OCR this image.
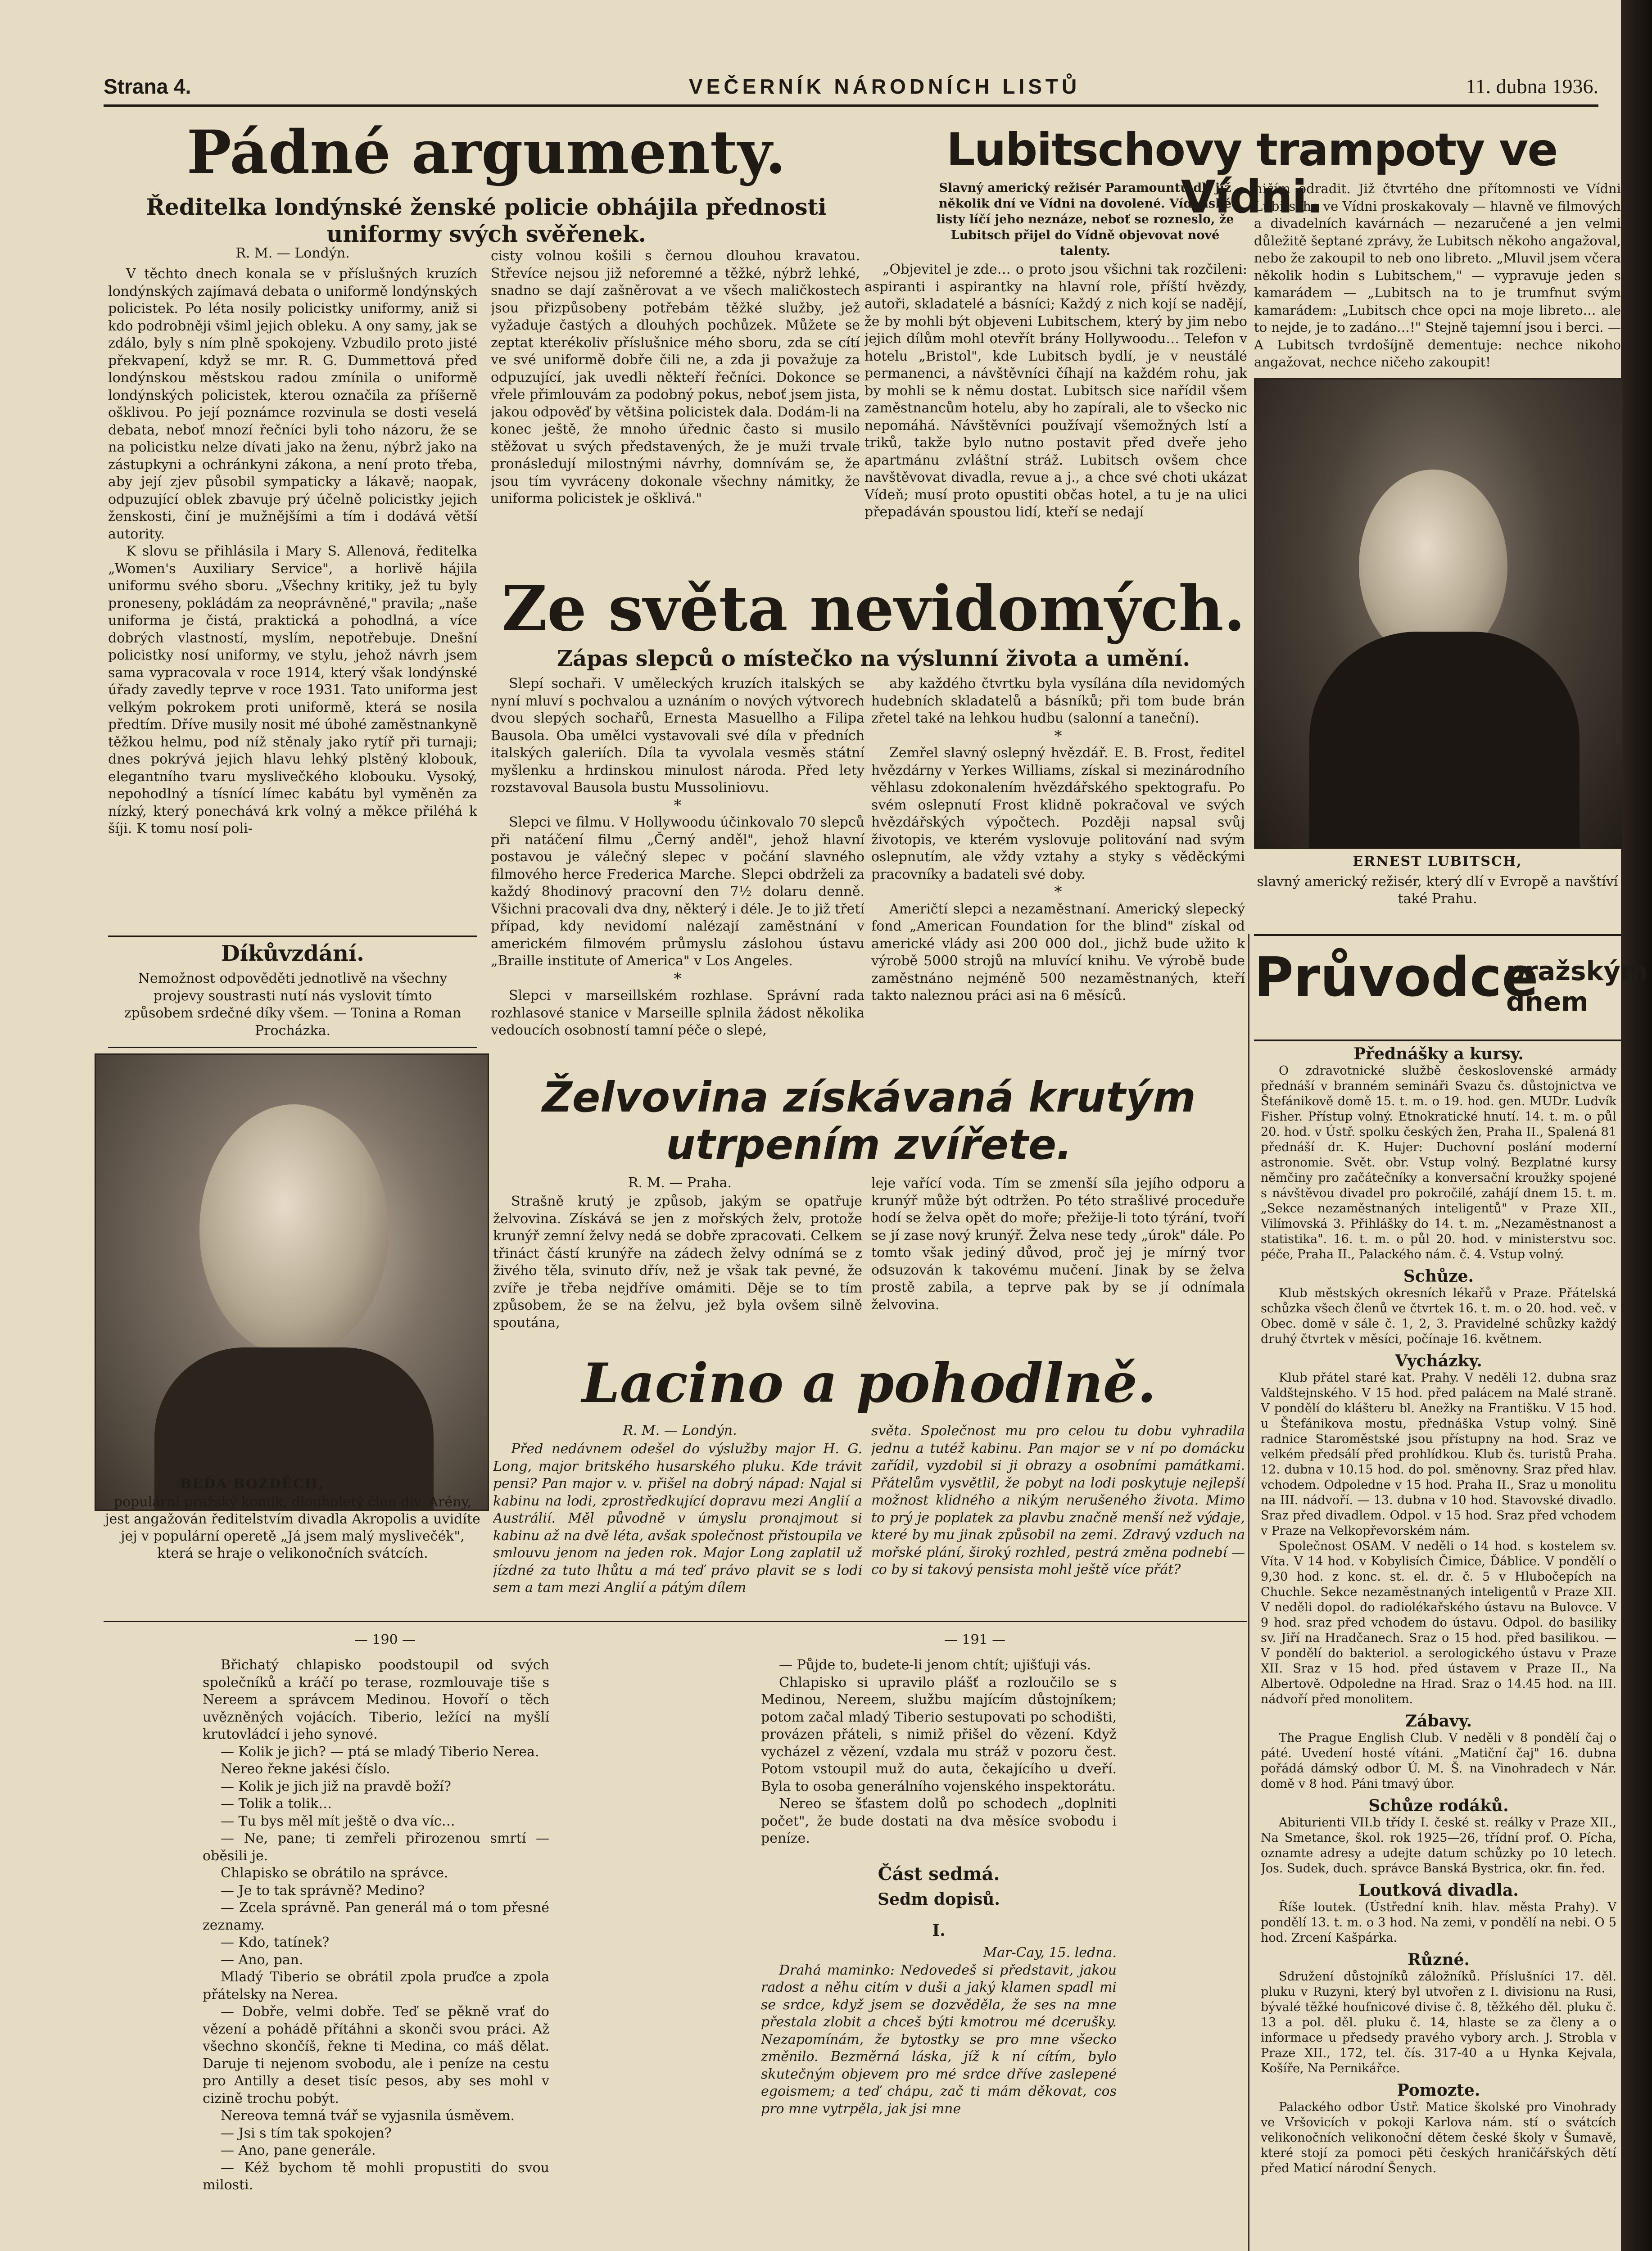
Strana 4.	VEČERNÍK NÁRODNÍCH LISTŮ	11. dubna 1936.
Pádné argumenty.
Ředitelka londýnské ženské policie obhájila přednosti uniformy svých svěřenek.
R. M. — Londýn.

V těchto dnech konala se v příslušných kruzích londýnských zajímavá debata o uniformě londýnských policistek. Po léta nosily policistky uniformy, aniž si kdo podrobněji všiml jejich obleku. A ony samy, jak se zdálo, byly s ním plně spokojeny. Vzbudilo proto jisté překvapení, když se mr. R. G. Dummettová před londýnskou městskou radou zmínila o uniformě londýnských policistek, kterou označila za příšerně ošklivou. Po její poznámce rozvinula se dosti veselá debata, neboť mnozí řečníci byli toho názoru, že se na policistku nelze dívati jako na ženu, nýbrž jako na zástupkyni a ochránkyni zákona, a není proto třeba, aby její zjev působil sympaticky a lákavě; naopak, odpuzující oblek zbavuje prý účelně policistky jejich ženskosti, činí je mužnějšími a tím i dodává větší autority.

K slovu se přihlásila i Mary S. Allenová, ředitelka „Women's Auxiliary Service", a horlivě hájila uniformu svého sboru. „Všechny kritiky, jež tu byly proneseny, pokládám za neoprávněné," pravila; „naše uniforma je čistá, praktická a pohodlná, a více dobrých vlastností, myslím, nepotřebuje. Dnešní policistky nosí uniformy, ve stylu, jehož návrh jsem sama vypracovala v roce 1914, který však londýnské úřady zavedly teprve v roce 1931. Tato uniforma jest velkým pokrokem proti uniformě, která se nosila předtím. Dříve musily nosit mé úbohé zaměstnankyně těžkou helmu, pod níž stěnaly jako rytíř při turnaji; dnes pokrývá jejich hlavu lehký plstěný klobouk, elegantního tvaru myslivečkého klobouku. Vysoký, nepohodlný a tísnící límec kabátu byl vyměněn za nízký, který ponechává krk volný a měkce přiléhá k šíji. K tomu nosí poli-

cisty volnou košili s černou dlouhou kravatou. Střevíce nejsou již neforemné a těžké, nýbrž lehké, snadno se dají zašněrovat a ve všech maličkostech jsou přizpůsobeny potřebám těžké služby, jež vyžaduje častých a dlouhých pochůzek. Můžete se zeptat kterékoliv příslušnice mého sboru, zda se cítí ve své uniformě dobře čili ne, a zda ji považuje za odpuzující, jak uvedli někteří řečníci. Dokonce se vřele přimlouvám za podobný pokus, neboť jsem jista, jakou odpověď by většina policistek dala. Dodám-li na konec ještě, že mnoho úřednic často si musilo stěžovat u svých představených, že je muži trvale pronásledují milostnými návrhy, domnívám se, že jsou tím vyvráceny dokonale všechny námitky, že uniforma policistek je ošklivá."

Díkůvzdání.

Nemožnost odpověděti jednotlivě na všechny projevy soustrasti nutí nás vyslovit tímto způsobem srdečné díky všem. — Tonina a Roman Procházka.

BEĎA BOZDĚCH,
populární pražský komik, dlouholetý člen div. Arény, jest angažován ředitelstvím divadla Akropolis a uvidíte jej v populární operetě „Já jsem malý myslivečék", která se hraje o velikonočních svátcích.
Lubitschovy trampoty ve Vídni.

Slavný americký režisér Paramountu dlí již několik dní ve Vídni na dovolené. Vídeňské listy líčí jeho neznáze, neboť se rozneslo, že Lubitsch přijel do Vídně objevovat nové talenty.

„Objevitel je zde… o proto jsou všichni tak rozčileni: aspiranti i aspirantky na hlavní role, příští hvězdy, autoři, skladatelé a básníci; Každý z nich kojí se nadějí, že by mohli být objeveni Lubitschem, který by jim nebo jejich dílům mohl otevřít brány Hollywoodu… Telefon v hotelu „Bristol", kde Lubitsch bydlí, je v neustálé permanenci, a návštěvníci číhají na každém rohu, jak by mohli se k němu dostat. Lubitsch sice nařídil všem zaměstnancům hotelu, aby ho zapírali, ale to všecko nic nepomáhá. Návštěvníci používají všemožných lstí a triků, takže bylo nutno postavit před dveře jeho apartmánu zvláštní stráž. Lubitsch ovšem chce navštěvovat divadla, revue a j., a chce své choti ukázat Vídeň; musí proto opustiti občas hotel, a tu je na ulici přepadáván spoustou lidí, kteří se nedají

ničím odradit. Již čtvrtého dne přítomnosti ve Vídni Lubitsche ve Vídni proskakovaly — hlavně ve filmových a divadelních kavárnách — nezaručené a jen velmi důležitě šeptané zprávy, že Lubitsch někoho angažoval, nebo že zakoupil to neb ono libreto. „Mluvil jsem včera několik hodin s Lubitschem," — vypravuje jeden s kamarádem — „Lubitsch na to je trumfnut svým kamarádem: „Lubitsch chce opci na moje libreto… ale to nejde, je to zadáno…!" Stejně tajemní jsou i berci. — A Lubitsch tvrdošíjně dementuje: nechce nikoho angažovat, nechce ničeho zakoupit!

ERNEST LUBITSCH,
slavný americký režisér, který dlí v Evropě a navštíví také Prahu.
Ze světa nevidomých.
Zápas slepců o místečko na výslunní života a umění.

Slepí sochaři. V uměleckých kruzích italských se nyní mluví s pochvalou a uznáním o nových výtvorech dvou slepých sochařů, Ernesta Masuellho a Filipa Bausola. Oba umělci vystavovali své díla v předních italských galeriích. Díla ta vyvolala vesměs státní myšlenku a hrdinskou minulost národa. Před lety rozstavoval Bausola bustu Mussoliniovu.

*

Slepci ve filmu. V Hollywoodu účinkovalo 70 slepců při natáčení filmu „Černý anděl", jehož hlavní postavou je válečný slepec v počání slavného filmového herce Frederica Marche. Slepci obdrželi za každý 8hodinový pracovní den 7½ dolaru denně. Všichni pracovali dva dny, některý i déle. Je to již třetí případ, kdy nevidomí nalézají zaměstnání v americkém filmovém průmyslu záslohou ústavu „Braille institute of America" v Los Angeles.

*

Slepci v marseillském rozhlase. Správní rada rozhlasové stanice v Marseille splnila žádost několika vedoucích osobností tamní péče o slepé,

aby každého čtvrtku byla vysílána díla nevidomých hudebních skladatelů a básníků; při tom bude brán zřetel také na lehkou hudbu (salonní a taneční).

*

Zemřel slavný oslepný hvězdář. E. B. Frost, ředitel hvězdárny v Yerkes Williams, získal si mezinárodního věhlasu zdokonalením hvězdářského spektografu. Po svém oslepnutí Frost klidně pokračoval ve svých hvězdářských výpočtech. Později napsal svůj životopis, ve kterém vyslovuje politování nad svým oslepnutím, ale vždy vztahy a styky s věděckými pracovníky a badateli své doby.

*

Američtí slepci a nezaměstnaní. Americký slepecký fond „American Foundation for the blind" získal od americké vlády asi 200 000 dol., jichž bude užito k výrobě 5000 strojů na mluvící knihu. Ve výrobě bude zaměstnáno nejméně 500 nezaměstnaných, kteří takto naleznou práci asi na 6 měsíců.	Průvodce
pražským
dnem
Přednášky a kursy.

O zdravotnické službě československé armády přednáší v branném semináři Svazu čs. důstojnictva ve Štefánikově domě 15. t. m. o 19. hod. gen. MUDr. Ludvík Fisher. Přístup volný. Etnokratické hnutí. 14. t. m. o půl 20. hod. v Ústř. spolku českých žen, Praha II., Spalená 81 přednáší dr. K. Hujer: Duchovní poslání moderní astronomie. Svět. obr. Vstup volný. Bezplatné kursy němčiny pro začátečníky a konversační kroužky spojené s návštěvou divadel pro pokročilé, zahájí dnem 15. t. m. „Sekce nezaměstnaných inteligentů" v Praze XII., Vilímovská 3. Přihlášky do 14. t. m. „Nezaměstnanost a statistika". 16. t. m. o půl 20. hod. v ministerstvu soc. péče, Praha II., Palackého nám. č. 4. Vstup volný.

Schůze.

Klub městských okresních lékařů v Praze. Přátelská schůzka všech členů ve čtvrtek 16. t. m. o 20. hod. več. v Obec. domě v sále č. 1, 2, 3. Pravidelné schůzky každý druhý čtvrtek v měsíci, počínaje 16. květnem.

Vycházky.

Klub přátel staré kat. Prahy. V neděli 12. dubna sraz Valdštejnského. V 15 hod. před palácem na Malé straně. V pondělí do klášteru bl. Anežky na Františku. V 15 hod. u Štefánikova mostu, přednáška Vstup volný. Sině radnice Staroměstské jsou přístupny na hod. Sraz ve velkém předsálí před prohlídkou. Klub čs. turistů Praha. 12. dubna v 10.15 hod. do pol. směnovny. Sraz před hlav. vchodem. Odpoledne v 15 hod. Praha II., Sraz u monolitu na III. nádvoří. — 13. dubna v 10 hod. Stavovské divadlo. Sraz před divadlem. Odpol. v 15 hod. Sraz před vchodem v Praze na Velkopřevorském nám.

Společnost OSAM. V neděli o 14 hod. s kostelem sv. Víta. V 14 hod. v Kobylisích Čimice, Ďáblice. V pondělí o 9,30 hod. z konc. st. el. dr. č. 5 v Hlubočepích na Chuchle. Sekce nezaměstnaných inteligentů v Praze XII. V neděli dopol. do radiolékařského ústavu na Bulovce. V 9 hod. sraz před vchodem do ústavu. Odpol. do basiliky sv. Jiří na Hradčanech. Sraz o 15 hod. před basilikou. — V pondělí do bakteriol. a serologického ústavu v Praze XII. Sraz v 15 hod. před ústavem v Praze II., Na Albertově. Odpoledne na Hrad. Sraz o 14.45 hod. na III. nádvoří před monolitem.

Zábavy.

The Prague English Club. V neděli v 8 pondělí čaj o páté. Uvedení hosté vítáni. „Matiční čaj" 16. dubna pořádá dámský odbor Ú. M. Š. na Vinohradech v Nár. domě v 8 hod. Páni tmavý úbor.

Schůze rodáků.

Abiturienti VII.b třídy I. české st. reálky v Praze XII., Na Smetance, škol. rok 1925—26, třídní prof. O. Pícha, oznamte adresy a udejte datum schůzky po 10 letech. Jos. Sudek, duch. správce Banská Bystrica, okr. fin. řed.

Loutková divadla.

Říše loutek. (Ústřední knih. hlav. města Prahy). V pondělí 13. t. m. o 3 hod. Na zemi, v pondělí na nebi. O 5 hod. Zrcení Kašpárka.

Různé.

Sdružení důstojníků záložníků. Příslušníci 17. děl. pluku v Ruzyni, který byl utvořen z I. divisionu na Rusi, bývalé těžké houfnicové divise č. 8, těžkého děl. pluku č. 13 a pol. děl. pluku č. 14, hlaste se za členy a o informace u předsedy pravého vybory arch. J. Strobla v Praze XII., 172, tel. čís. 317-40 a u Hynka Kejvala, Košíře, Na Pernikářce.

Pomozte.

Palackého odbor Ústř. Matice školské pro Vinohrady ve Vršovicích v pokoji Karlova nám. stí o svátcích velikonočních velikonoční dětem české školy v Šumavě, které stojí za pomoci pěti českých hraničářských dětí před Maticí národní Šenych.

Želvovina získávaná krutým
utrpením zvířete.
R. M. — Praha.

Strašně krutý je způsob, jakým se opatřuje želvovina. Získává se jen z mořských želv, protože krunýř zemní želvy nedá se dobře zpracovati. Celkem třináct částí krunýře na zádech želvy odnímá se z živého těla, svinuto dřív, než je však tak pevné, že zvíře je třeba nejdříve omámiti. Děje se to tím způsobem, že se na želvu, jež byla ovšem silně spoutána,

leje vařící voda. Tím se zmenší síla jejího odporu a krunýř může být odtržen. Po této strašlivé proceduře hodí se želva opět do moře; přežije-li toto týrání, tvoří se jí zase nový krunýř. Želva nese tedy „úrok" dále. Po tomto však jediný důvod, proč jej je mírný tvor odsuzován k takovému mučení. Jinak by se želva prostě zabila, a teprve pak by se jí odnímala želvovina.

Lacino a pohodlně.
R. M. — Londýn.

Před nedávnem odešel do výslužby major H. G. Long, major britského husarského pluku. Kde trávit pensi? Pan major v. v. přišel na dobrý nápad: Najal si kabinu na lodi, zprostředkující dopravu mezi Anglií a Austrálií. Měl původně v úmyslu pronajmout si kabinu až na dvě léta, avšak společnost přistoupila ve smlouvu jenom na jeden rok. Major Long zaplatil už jízdné za tuto lhůtu a má teď právo plavit se s lodí sem a tam mezi Anglií a pátým dílem

světa. Společnost mu pro celou tu dobu vyhradila jednu a tutéž kabinu. Pan major se v ní po domácku zařídil, vyzdobil si ji obrazy a osobními památkami. Přátelům vysvětlil, že pobyt na lodi poskytuje nejlepší možnost klidného a nikým nerušeného života. Mimo to prý je poplatek za plavbu značně menší než výdaje, které by mu jinak způsobil na zemi. Zdravý vzduch na mořské plání, široký rozhled, pestrá změna podnebí — co by si takový pensista mohl ještě více přát?

— 190 —	— 191 —

Břichatý chlapisko poodstoupil od svých společníků a kráčí po terase, rozmlouvaje tiše s Nereem a správcem Medinou. Hovoří o těch uvězněných vojácích. Tiberio, ležící na myšlí krutovládcí i jeho synové.

— Kolik je jich? — ptá se mladý Tiberio Nerea.

Nereo řekne jakési číslo.

— Kolik je jich již na pravdě boží?

— Tolik a tolik…

— Tu bys měl mít ještě o dva víc…

— Ne, pane; ti zemřeli přirozenou smrtí — oběsili je.

Chlapisko se obrátilo na správce.

— Je to tak správně? Medino?

— Zcela správně. Pan generál má o tom přesné zeznamy.

— Kdo, tatínek?

— Ano, pan.

Mladý Tiberio se obrátil zpola pruďce a zpola přátelsky na Nerea.

— Dobře, velmi dobře. Teď se pěkně vrať do vězení a pohádě přítáhni a skonči svou práci. Až všechno skončíš, řekne ti Medina, co máš dělat. Daruje ti nejenom svobodu, ale i peníze na cestu pro Antilly a deset tisíc pesos, aby ses mohl v cizině trochu pobýt.

Nereova temná tvář se vyjasnila úsměvem.

— Jsi s tím tak spokojen?

— Ano, pane generále.

— Kéž bychom tě mohli propustiti do svou milosti.

— Půjde to, budete-li jenom chtít; ujišťuji vás.

Chlapisko si upravilo plášť a rozloučilo se s Medinou, Nereem, službu majícím důstojníkem; potom začal mladý Tiberio sestupovati po schodišti, provázen přáteli, s nimiž přišel do vězení. Když vycházel z vězení, vzdala mu stráž v pozoru čest. Potom vstoupil muž do auta, čekajícího u dveří. Byla to osoba generálního vojenského inspektorátu.

Nereo se šťastem dolů po schodech „doplniti počet", že bude dostati na dva měsíce svobodu i peníze.

Část sedmá.
Sedm dopisů.
I.
Mar-Cay, 15. ledna.

Drahá maminko: Nedovedeš si představit, jakou radost a něhu citím v duši a jaký klamen spadl mi se srdce, když jsem se dozvěděla, že ses na mne přestala zlobit a chceš býti kmotrou mé dcerušky. Nezapomínám, že bytostky se pro mne všecko změnilo. Bezměrná láska, jíž k ní cítím, bylo skutečným objevem pro mé srdce dříve zaslepené egoismem; a teď chápu, zač ti mám děkovat, cos pro mne vytrpěla, jak jsi mne
